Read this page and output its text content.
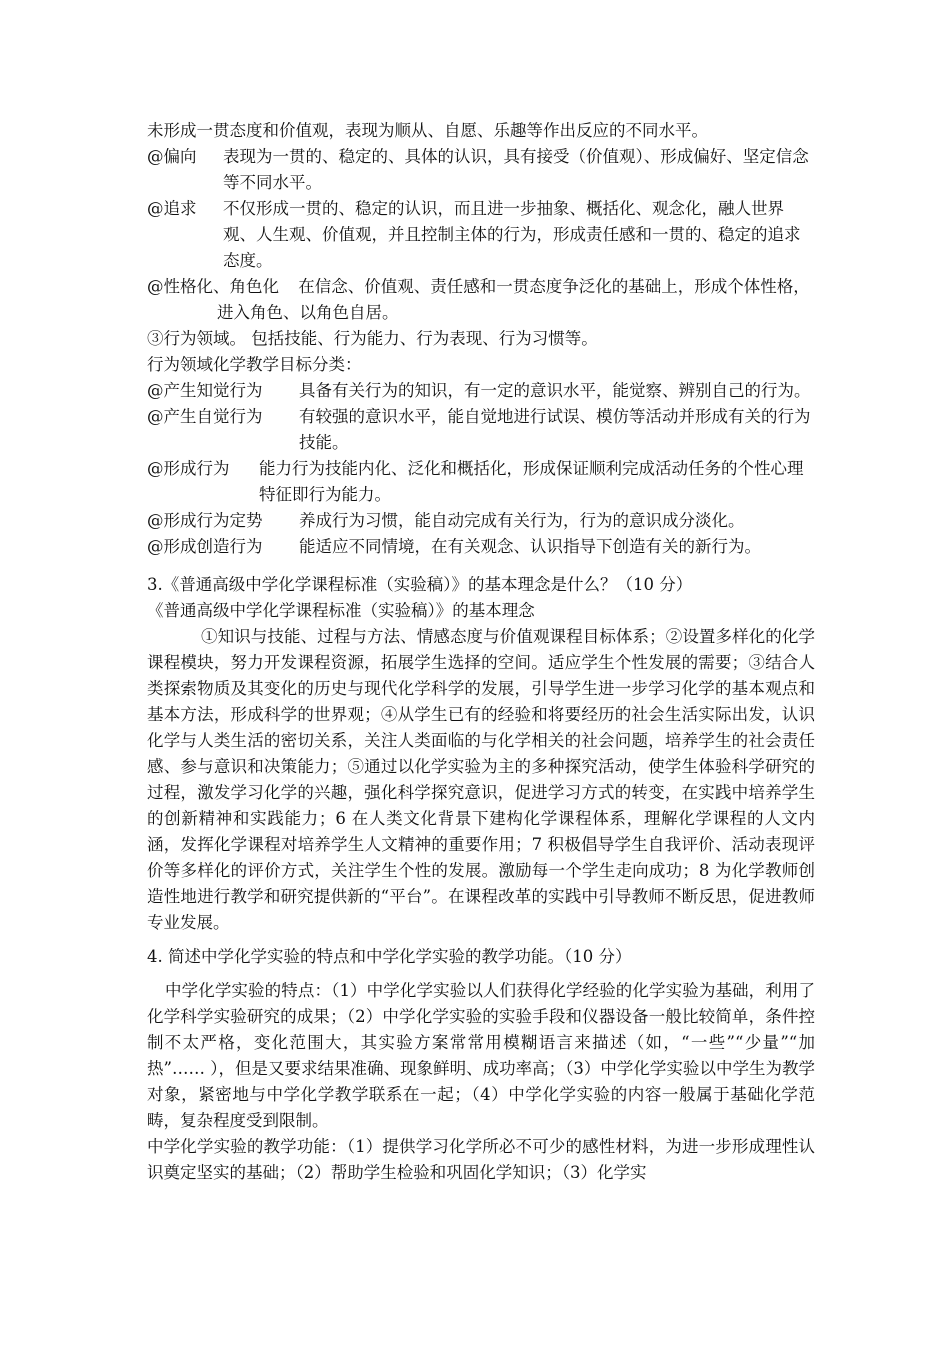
未形成一贯态度和价值观，表现为顺从、自愿、乐趣等作出反应的不同水平。
@偏向	表现为一贯的、稳定的、具体的认识，具有接受（价值观）、形成偏好、坚定信念等不同水平。
@追求	不仅形成一贯的、稳定的认识，而且进一步抽象、概括化、观念化，融人世界观、人生观、价值观，并且控制主体的行为，形成责任感和一贯的、稳定的追求态度。
@性格化、角色化 在信念、价值观、责任感和一贯态度争泛化的基础上，形成个体性格，进入角色、以角色自居。
③行为领域。 包括技能、行为能力、行为表现、行为习惯等。
行为领域化学教学目标分类：
@产生知觉行为	具备有关行为的知识，有一定的意识水平，能觉察、辨别自己的行为。
@产生自觉行为	有较强的意识水平，能自觉地进行试误、模仿等活动并形成有关的行为技能。
@形成行为	能力行为技能内化、泛化和概括化，形成保证顺利完成活动任务的个性心理特征即行为能力。
@形成行为定势	养成行为习惯，能自动完成有关行为，行为的意识成分淡化。
@形成创造行为	能适应不同情境，在有关观念、认识指导下创造有关的新行为。
3.《普通高级中学化学课程标准（实验稿）》的基本理念是什么？（10 分）
《普通高级中学化学课程标准（实验稿）》的基本理念
①知识与技能、过程与方法、情感态度与价值观课程目标体系；②设置多样化的化学课程模块，努力开发课程资源，拓展学生选择的空间。适应学生个性发展的需要；③结合人类探索物质及其变化的历史与现代化学科学的发展，引导学生进一步学习化学的基本观点和基本方法，形成科学的世界观；④从学生已有的经验和将要经历的社会生活实际出发，认识化学与人类生活的密切关系，关注人类面临的与化学相关的社会问题，培养学生的社会责任感、参与意识和决策能力；⑤通过以化学实验为主的多种探究活动，使学生体验科学研究的过程，激发学习化学的兴趣，强化科学探究意识，促进学习方式的转变，在实践中培养学生的创新精神和实践能力；6 在人类文化背景下建构化学课程体系，理解化学课程的人文内涵，发挥化学课程对培养学生人文精神的重要作用；7 积极倡导学生自我评价、活动表现评价等多样化的评价方式，关注学生个性的发展。激励每一个学生走向成功；8 为化学教师创造性地进行教学和研究提供新的“平台”。在课程改革的实践中引导教师不断反思，促进教师专业发展。
4. 简述中学化学实验的特点和中学化学实验的教学功能。（10 分）
中学化学实验的特点：（1）中学化学实验以人们获得化学经验的化学实验为基础，利用了化学科学实验研究的成果；（2）中学化学实验的实验手段和仪器设备一般比较简单，条件控制不太严格，变化范围大，其实验方案常常用模糊语言来描述（如，“一些”“少量”“加热”…… ），但是又要求结果准确、现象鲜明、成功率高；（3）中学化学实验以中学生为教学对象，紧密地与中学化学教学联系在一起；（4）中学化学实验的内容一般属于基础化学范畴，复杂程度受到限制。
中学化学实验的教学功能：（1）提供学习化学所必不可少的感性材料，为进一步形成理性认识奠定坚实的基础；（2）帮助学生检验和巩固化学知识；（3）化学实
